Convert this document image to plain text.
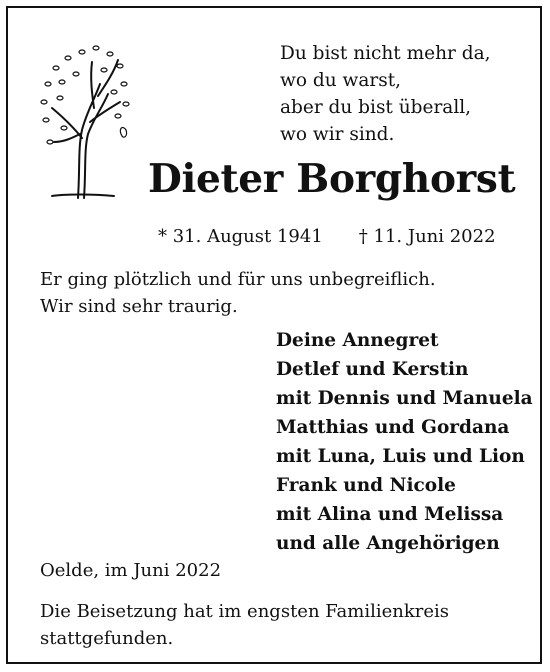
Du bist nicht mehr da,
wo du warst,
aber du bist überall,
wo wir sind.
Dieter Borghorst
* 31. August 1941 † 11. Juni 2022
Er ging plötzlich und für uns unbegreiflich.
Wir sind sehr traurig.
Deine Annegret
Detlef und Kerstin
mit Dennis und Manuela
Matthias und Gordana
mit Luna, Luis und Lion
Frank und Nicole
mit Alina und Melissa
und alle Angehörigen
Oelde, im Juni 2022
Die Beisetzung hat im engsten Familienkreis
stattgefunden.
